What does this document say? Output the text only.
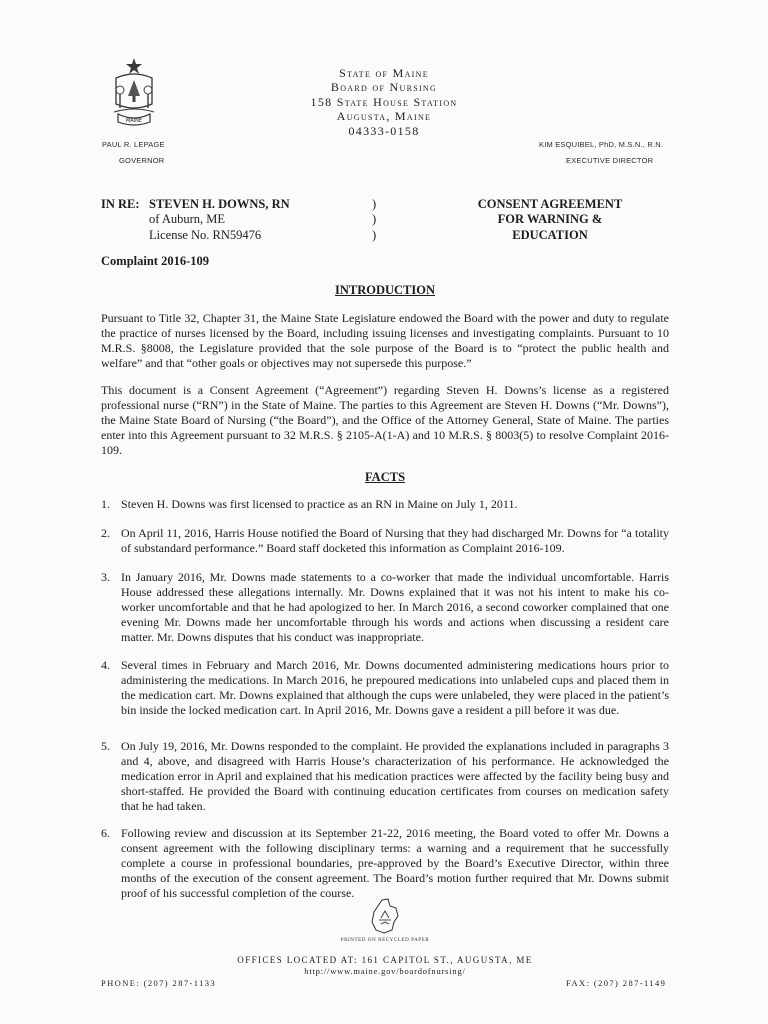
MAINE
State of Maine
Board of Nursing
158 State House Station
Augusta, Maine
04333-0158
PAUL R. LEPAGE
GOVERNOR
KIM ESQUIBEL, PhD, M.S.N., R.N.
EXECUTIVE DIRECTOR
IN RE: STEVEN H. DOWNS, RN
of Auburn, ME
License No. RN59476
)
)
)
CONSENT AGREEMENT
FOR WARNING &
EDUCATION
Complaint 2016-109
INTRODUCTION
Pursuant to Title 32, Chapter 31, the Maine State Legislature endowed the Board with the power and duty to regulate the practice of nurses licensed by the Board, including issuing licenses and investigating complaints. Pursuant to 10 M.R.S. §8008, the Legislature provided that the sole purpose of the Board is to “protect the public health and welfare” and that “other goals or objectives may not supersede this purpose.”
This document is a Consent Agreement (“Agreement”) regarding Steven H. Downs’s license as a registered professional nurse (“RN”) in the State of Maine. The parties to this Agreement are Steven H. Downs (“Mr. Downs”), the Maine State Board of Nursing (“the Board”), and the Office of the Attorney General, State of Maine. The parties enter into this Agreement pursuant to 32 M.R.S. § 2105-A(1-A) and 10 M.R.S. § 8003(5) to resolve Complaint 2016-109.
FACTS
1. Steven H. Downs was first licensed to practice as an RN in Maine on July 1, 2011.
2. On April 11, 2016, Harris House notified the Board of Nursing that they had discharged Mr. Downs for “a totality of substandard performance.” Board staff docketed this information as Complaint 2016-109.
3. In January 2016, Mr. Downs made statements to a co-worker that made the individual uncomfortable. Harris House addressed these allegations internally. Mr. Downs explained that it was not his intent to make his co-worker uncomfortable and that he had apologized to her. In March 2016, a second coworker complained that one evening Mr. Downs made her uncomfortable through his words and actions when discussing a resident care matter. Mr. Downs disputes that his conduct was inappropriate.
4. Several times in February and March 2016, Mr. Downs documented administering medications hours prior to administering the medications. In March 2016, he prepoured medications into unlabeled cups and placed them in the medication cart. Mr. Downs explained that although the cups were unlabeled, they were placed in the patient’s bin inside the locked medication cart. In April 2016, Mr. Downs gave a resident a pill before it was due.
5. On July 19, 2016, Mr. Downs responded to the complaint. He provided the explanations included in paragraphs 3 and 4, above, and disagreed with Harris House’s characterization of his performance. He acknowledged the medication error in April and explained that his medication practices were affected by the facility being busy and short-staffed. He provided the Board with continuing education certificates from courses on medication safety that he had taken.
6. Following review and discussion at its September 21-22, 2016 meeting, the Board voted to offer Mr. Downs a consent agreement with the following disciplinary terms: a warning and a requirement that he successfully complete a course in professional boundaries, pre-approved by the Board’s Executive Director, within three months of the execution of the consent agreement. The Board’s motion further required that Mr. Downs submit proof of his successful completion of the course.
PRINTED ON RECYCLED PAPER
OFFICES LOCATED AT: 161 CAPITOL ST., AUGUSTA, ME
http://www.maine.gov/boardofnursing/
PHONE: (207) 287-1133	FAX: (207) 287-1149
